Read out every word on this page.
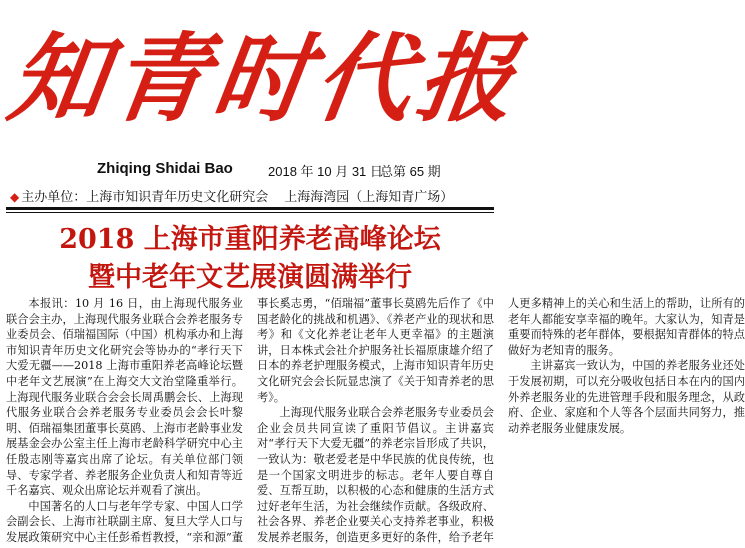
知青时代报
Zhiqing Shidai Bao	2018 年 10 月 31 日
总第 65 期
◆ 主办单位：上海市知识青年历史文化研究会 上海海湾园（上海知青广场）
2018 上海市重阳养老高峰论坛
暨中老年文艺展演圆满举行

本报讯：10 月 16 日，由上海现代服务业联合会主办，上海现代服务业联合会养老服务专业委员会、佰瑞福国际（中国）机构承办和上海市知识青年历史文化研究会等协办的“孝行天下大爱无疆——2018 上海市重阳养老高峰论坛暨中老年文艺展演”在上海交大文治堂隆重举行。上海现代服务业联合会会长周禹鹏会长、上海现代服务业联合会养老服务专业委员会会长叶黎明、佰瑞福集团董事长莫鸥、上海市老龄事业发展基金会办公室主任上海市老龄科学研究中心主任殷志刚等嘉宾出席了论坛。有关单位部门领导、专家学者、养老服务企业负责人和知青等近千名嘉宾、观众出席论坛并观看了演出。

中国著名的人口与老年学专家、中国人口学会副会长、上海市社联副主席、复旦大学人口与发展政策研究中心主任彭希哲教授，“亲和源”董事长奚志勇，“佰瑞福”董事长莫鸥先后作了《中国老龄化的挑战和机遇》、《养老产业的现状和思考》和《文化养老让老年人更幸福》的主题演讲，日本株式会社介护服务社长福原康雄介绍了日本的养老护理服务模式，上海市知识青年历史文化研究会会长阮显忠演了《关于知青养老的思考》。

上海现代服务业联合会养老服务专业委员会企业会员共同宣读了重阳节倡议。主讲嘉宾对“孝行天下大爱无疆”的养老宗旨形成了共识，一致认为：敬老爱老是中华民族的优良传统，也是一个国家文明进步的标志。老年人要自尊自爱、互帮互助，以积极的心态和健康的生活方式过好老年生活，为社会继续作贡献。各级政府、社会各界、养老企业要关心支持养老事业，积极发展养老服务，创造更多更好的条件，给予老年人更多精神上的关心和生活上的帮助，让所有的老年人都能安享幸福的晚年。大家认为，知青是重要而特殊的老年群体，要根据知青群体的特点做好为老知青的服务。

主讲嘉宾一致认为，中国的养老服务业还处于发展初期，可以充分吸收包括日本在内的国内外养老服务业的先进管理手段和服务理念，从政府、企业、家庭和个人等各个层面共同努力，推动养老服务业健康发展。
